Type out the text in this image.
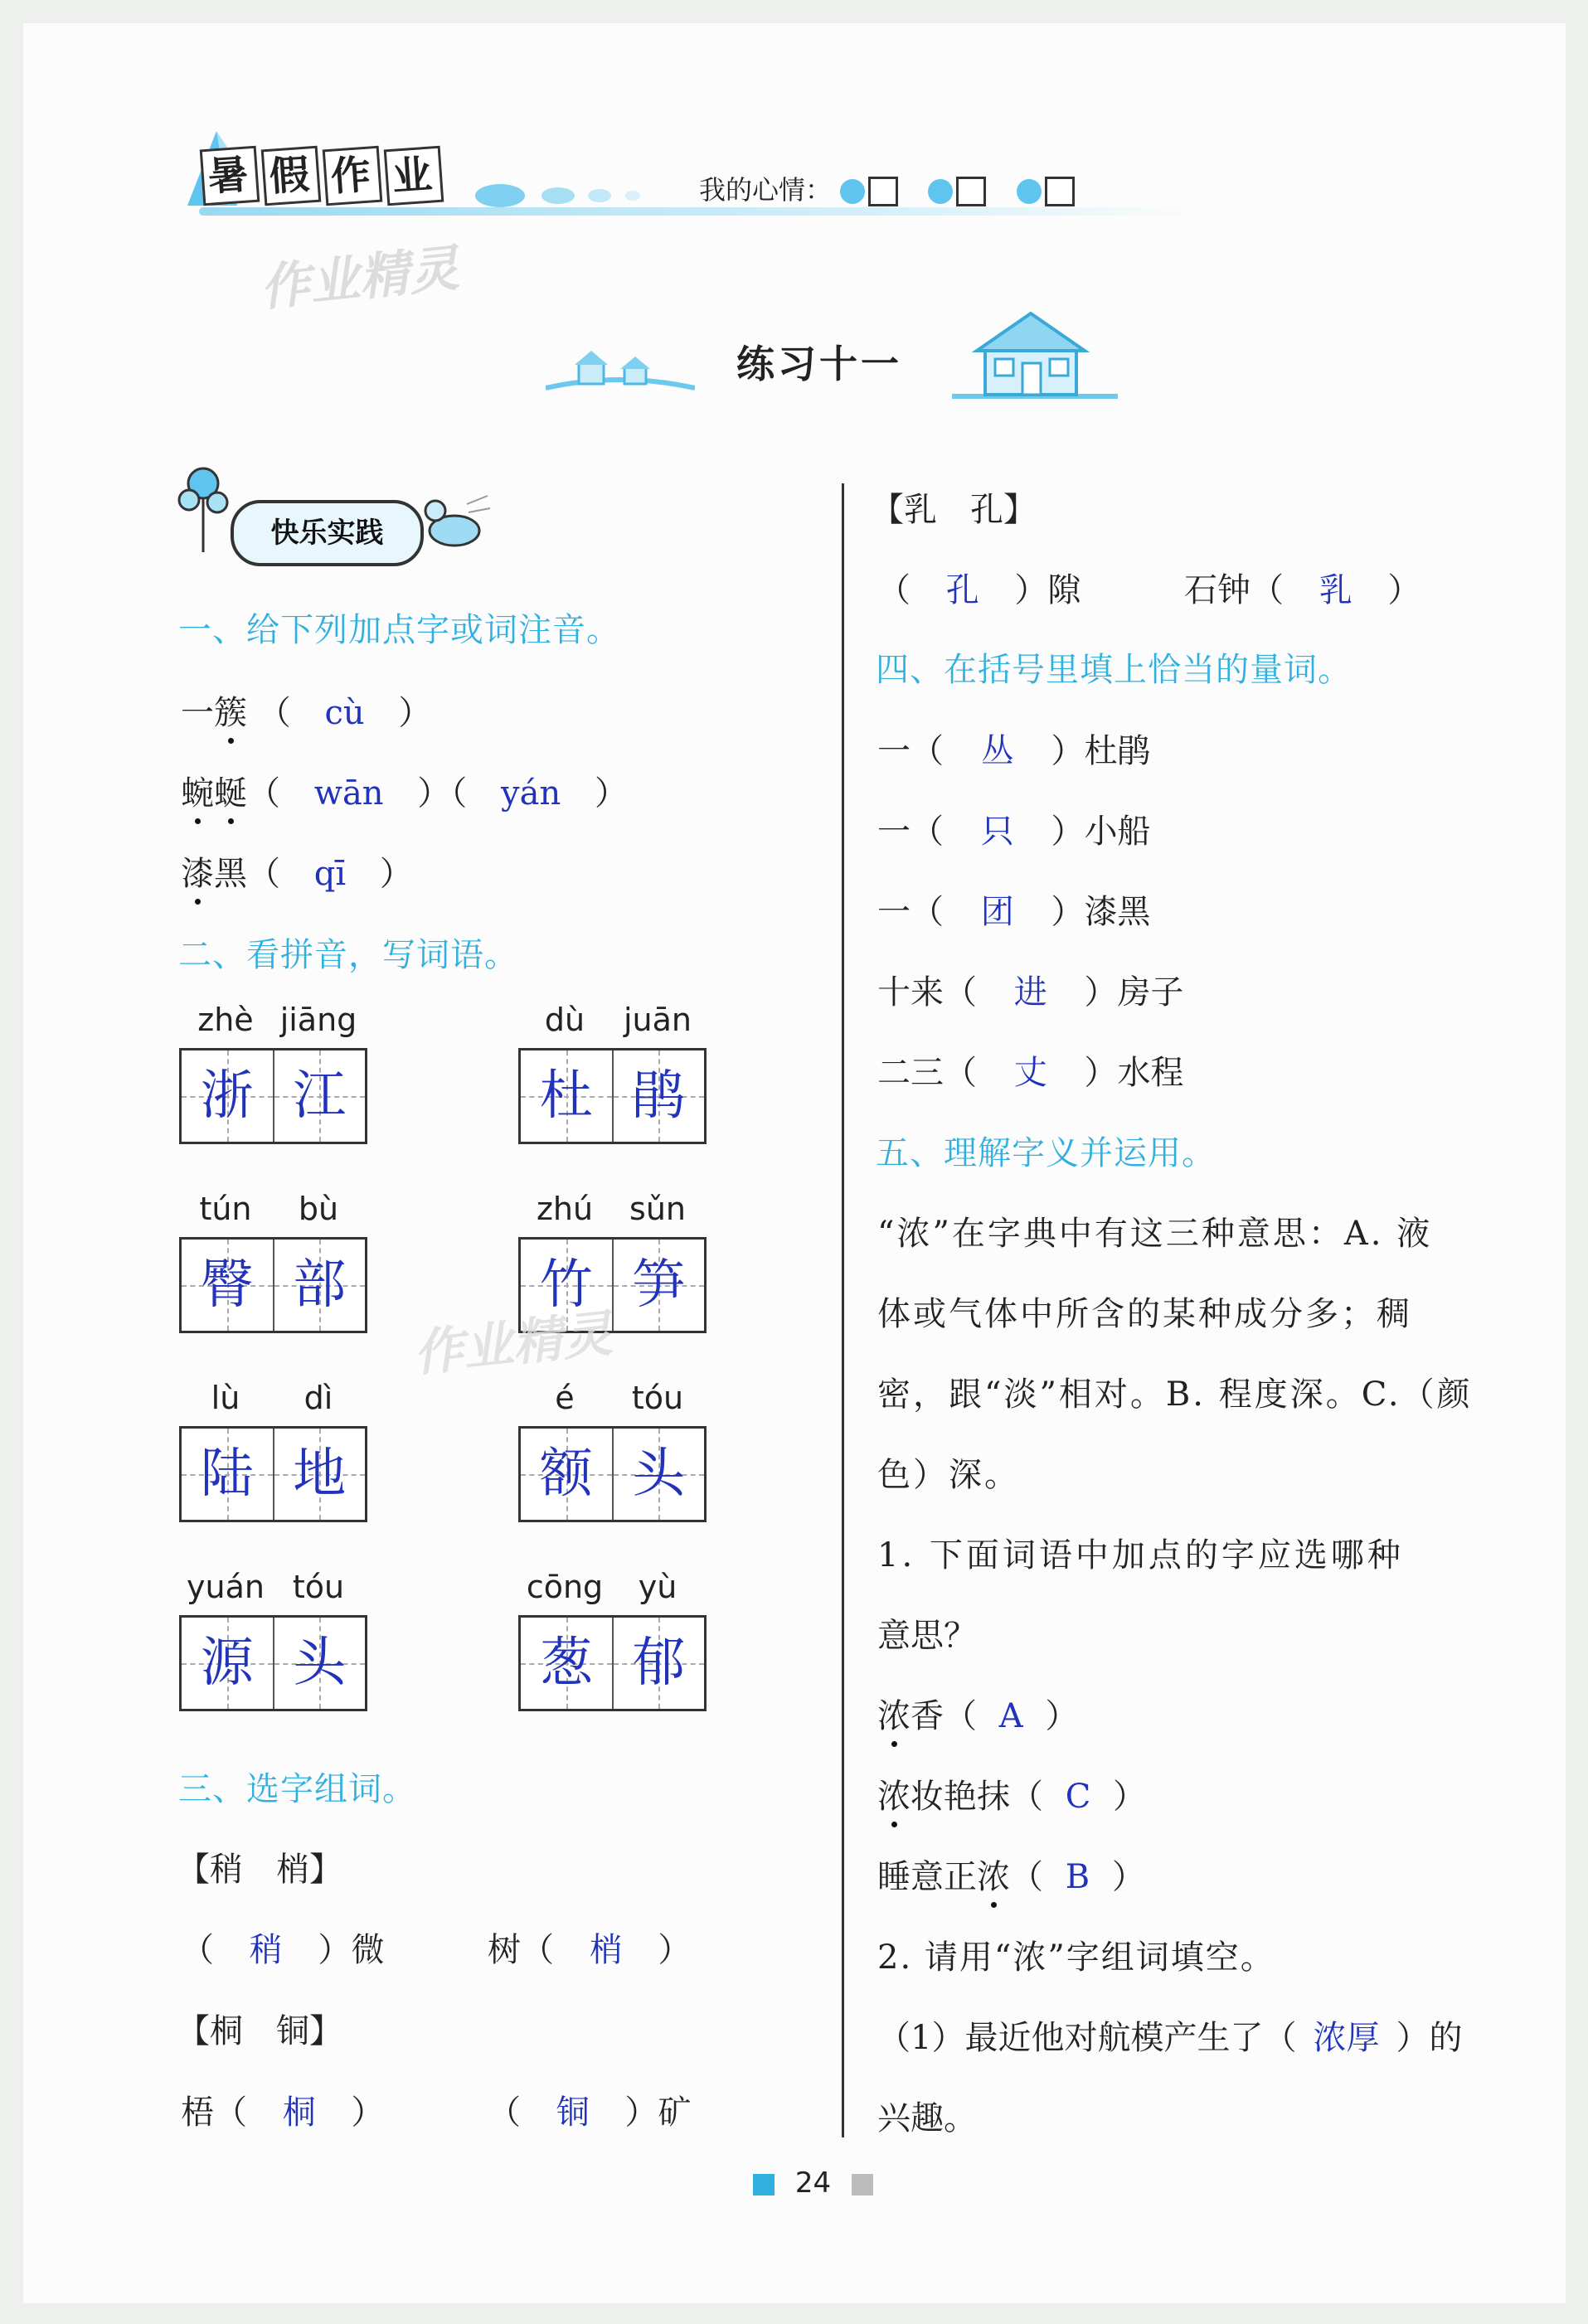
暑 假 作 业	我的心情：
作业精灵
练习十一
快乐实践
一、给下列加点字或词注音。
一簇 （ cù ）
蜿蜒（ wān ）（ yán ）
漆黑（ qī ）
二、看拼音，写词语。
zhè jiāng
浙 江
dù	juān
杜 鹃
tún	bù
臀 部
zhú	sǔn
竹 笋
作业精灵
lù	dì
陆 地
é	tóu
额 头
yuán tóu
源 头
cōng	yù
葱 郁
三、选字组词。
【稍　梢】
（ 稍 ）微	树（ 梢 ）
【桐　铜】
梧（ 桐 ）	（ 铜 ）矿
【乳　孔】
（ 孔 ）隙	石钟（ 乳 ）
四、在括号里填上恰当的量词。
一（ 丛 ）杜鹃
一（ 只 ）小船
一（ 团 ）漆黑
十来（ 进 ）房子
二三（ 丈 ）水程
五、理解字义并运用。
“浓”在字典中有这三种意思：A. 液
体或气体中所含的某种成分多；稠
密，跟“淡”相对。B. 程度深。C.（颜
色）深。
1. 下面词语中加点的字应选哪种
意思？
浓香（ A ）
浓妆艳抹（ C ）
睡意正浓（ B ）
2. 请用“浓”字组词填空。
（1）最近他对航模产生了（ 浓厚 ）的
兴趣。
24
